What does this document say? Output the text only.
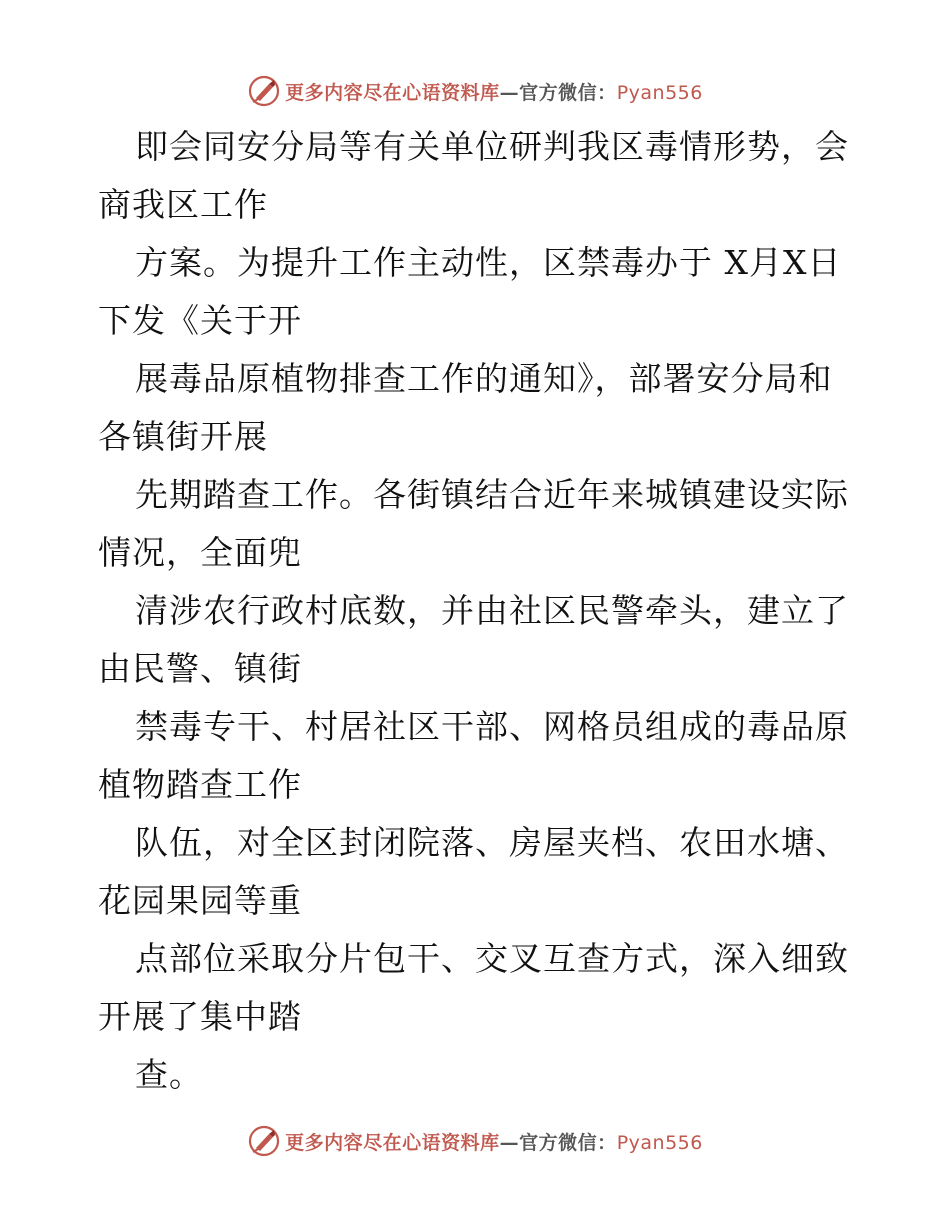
更多内容尽在心语资料库—官方微信：Pyan556
即会同安分局等有关单位研判我区毒情形势，会
商我区工作
方案。为提升工作主动性，区禁毒办于 X月X日
下发《关于开
展毒品原植物排查工作的通知》，部署安分局和
各镇街开展
先期踏查工作。各街镇结合近年来城镇建设实际
情况，全面兜
清涉农行政村底数，并由社区民警牵头，建立了
由民警、镇街
禁毒专干、村居社区干部、网格员组成的毒品原
植物踏查工作
队伍，对全区封闭院落、房屋夹档、农田水塘、
花园果园等重
点部位采取分片包干、交叉互查方式，深入细致
开展了集中踏
查。
更多内容尽在心语资料库—官方微信：Pyan556
